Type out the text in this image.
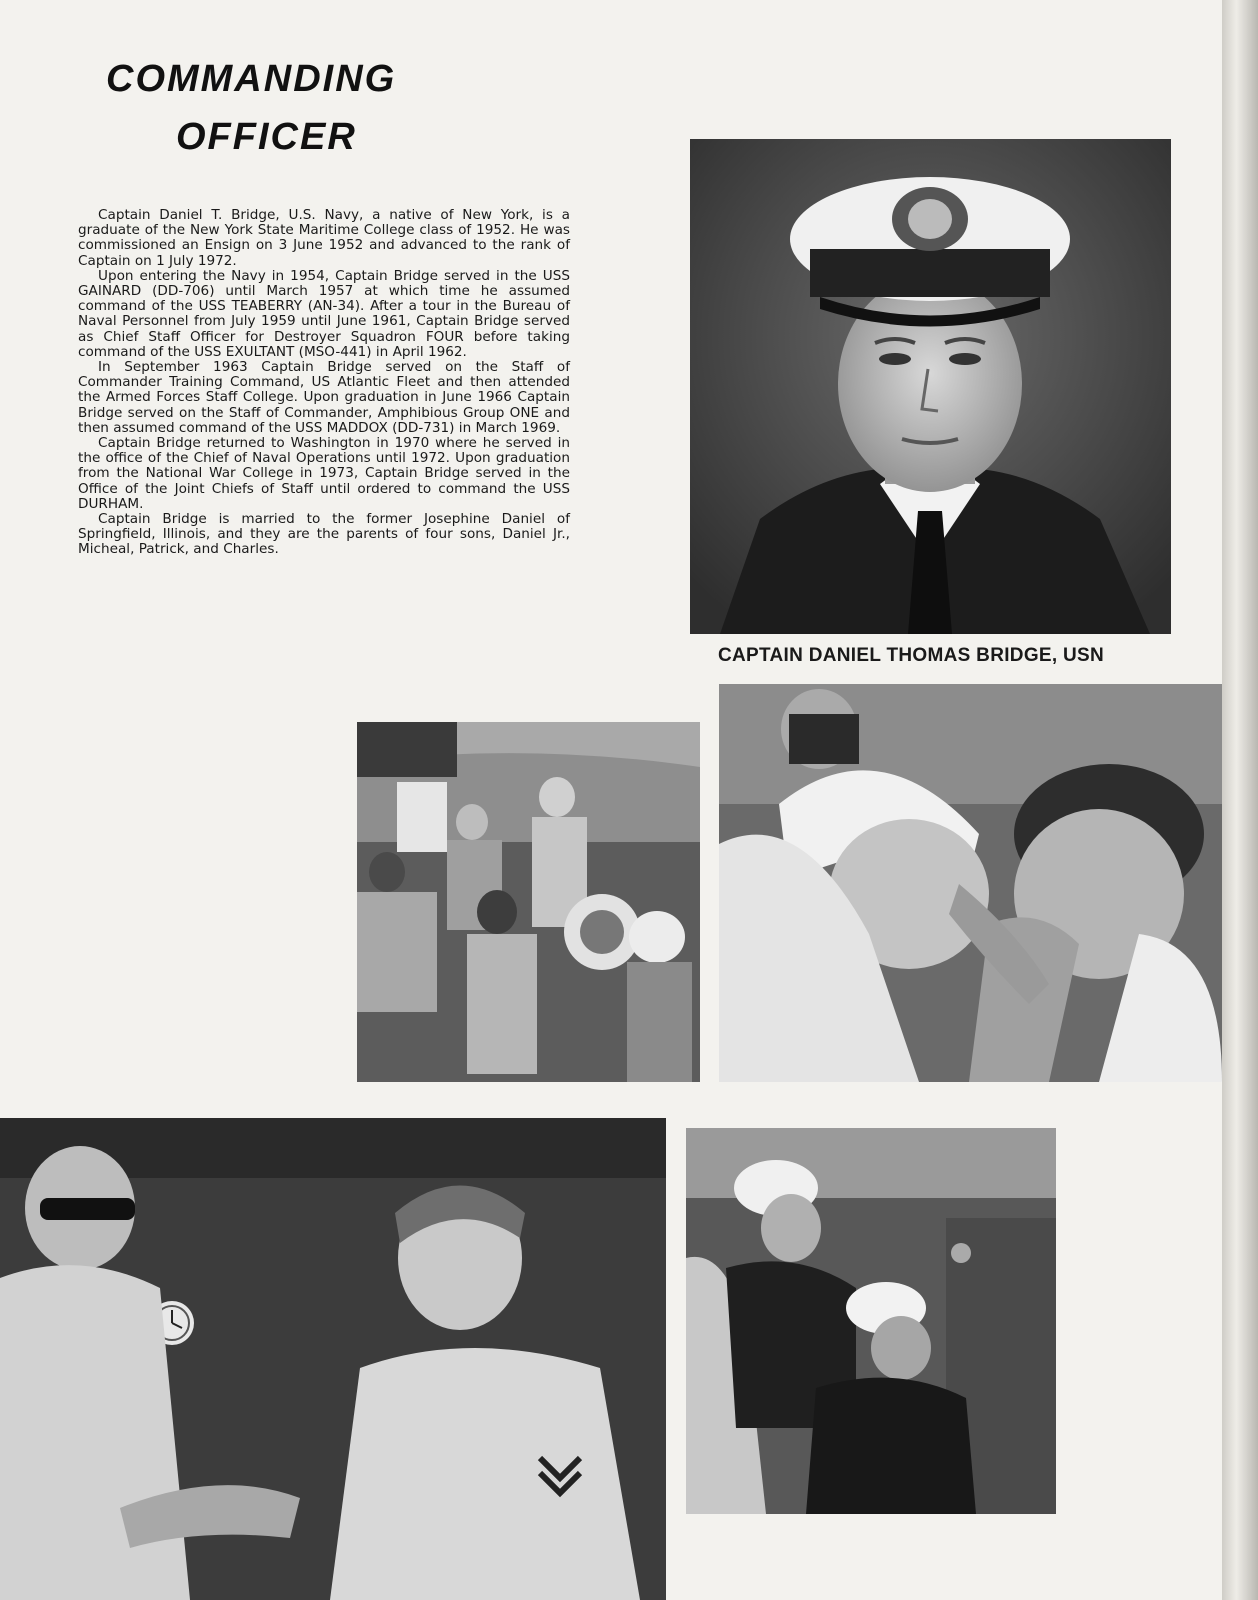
COMMANDING
OFFICER

Captain Daniel T. Bridge, U.S. Navy, a native of New York, is a graduate of the New York State Maritime College class of 1952. He was commissioned an Ensign on 3 June 1952 and advanced to the rank of Captain on 1 July 1972.

Upon entering the Navy in 1954, Captain Bridge served in the USS GAINARD (DD-706) until March 1957 at which time he assumed command of the USS TEABERRY (AN-34). After a tour in the Bureau of Naval Personnel from July 1959 until June 1961, Captain Bridge served as Chief Staff Officer for Destroyer Squadron FOUR before taking command of the USS EXULTANT (MSO-441) in April 1962.

In September 1963 Captain Bridge served on the Staff of Commander Training Command, US Atlantic Fleet and then attended the Armed Forces Staff College. Upon graduation in June 1966 Captain Bridge served on the Staff of Commander, Amphibious Group ONE and then assumed command of the USS MADDOX (DD-731) in March 1969.

Captain Bridge returned to Washington in 1970 where he served in the office of the Chief of Naval Operations until 1972. Upon graduation from the National War College in 1973, Captain Bridge served in the Office of the Joint Chiefs of Staff until ordered to command the USS DURHAM.

Captain Bridge is married to the former Josephine Daniel of Springfield, Illinois, and they are the parents of four sons, Daniel Jr., Micheal, Patrick, and Charles.

CAPTAIN DANIEL THOMAS BRIDGE, USN
